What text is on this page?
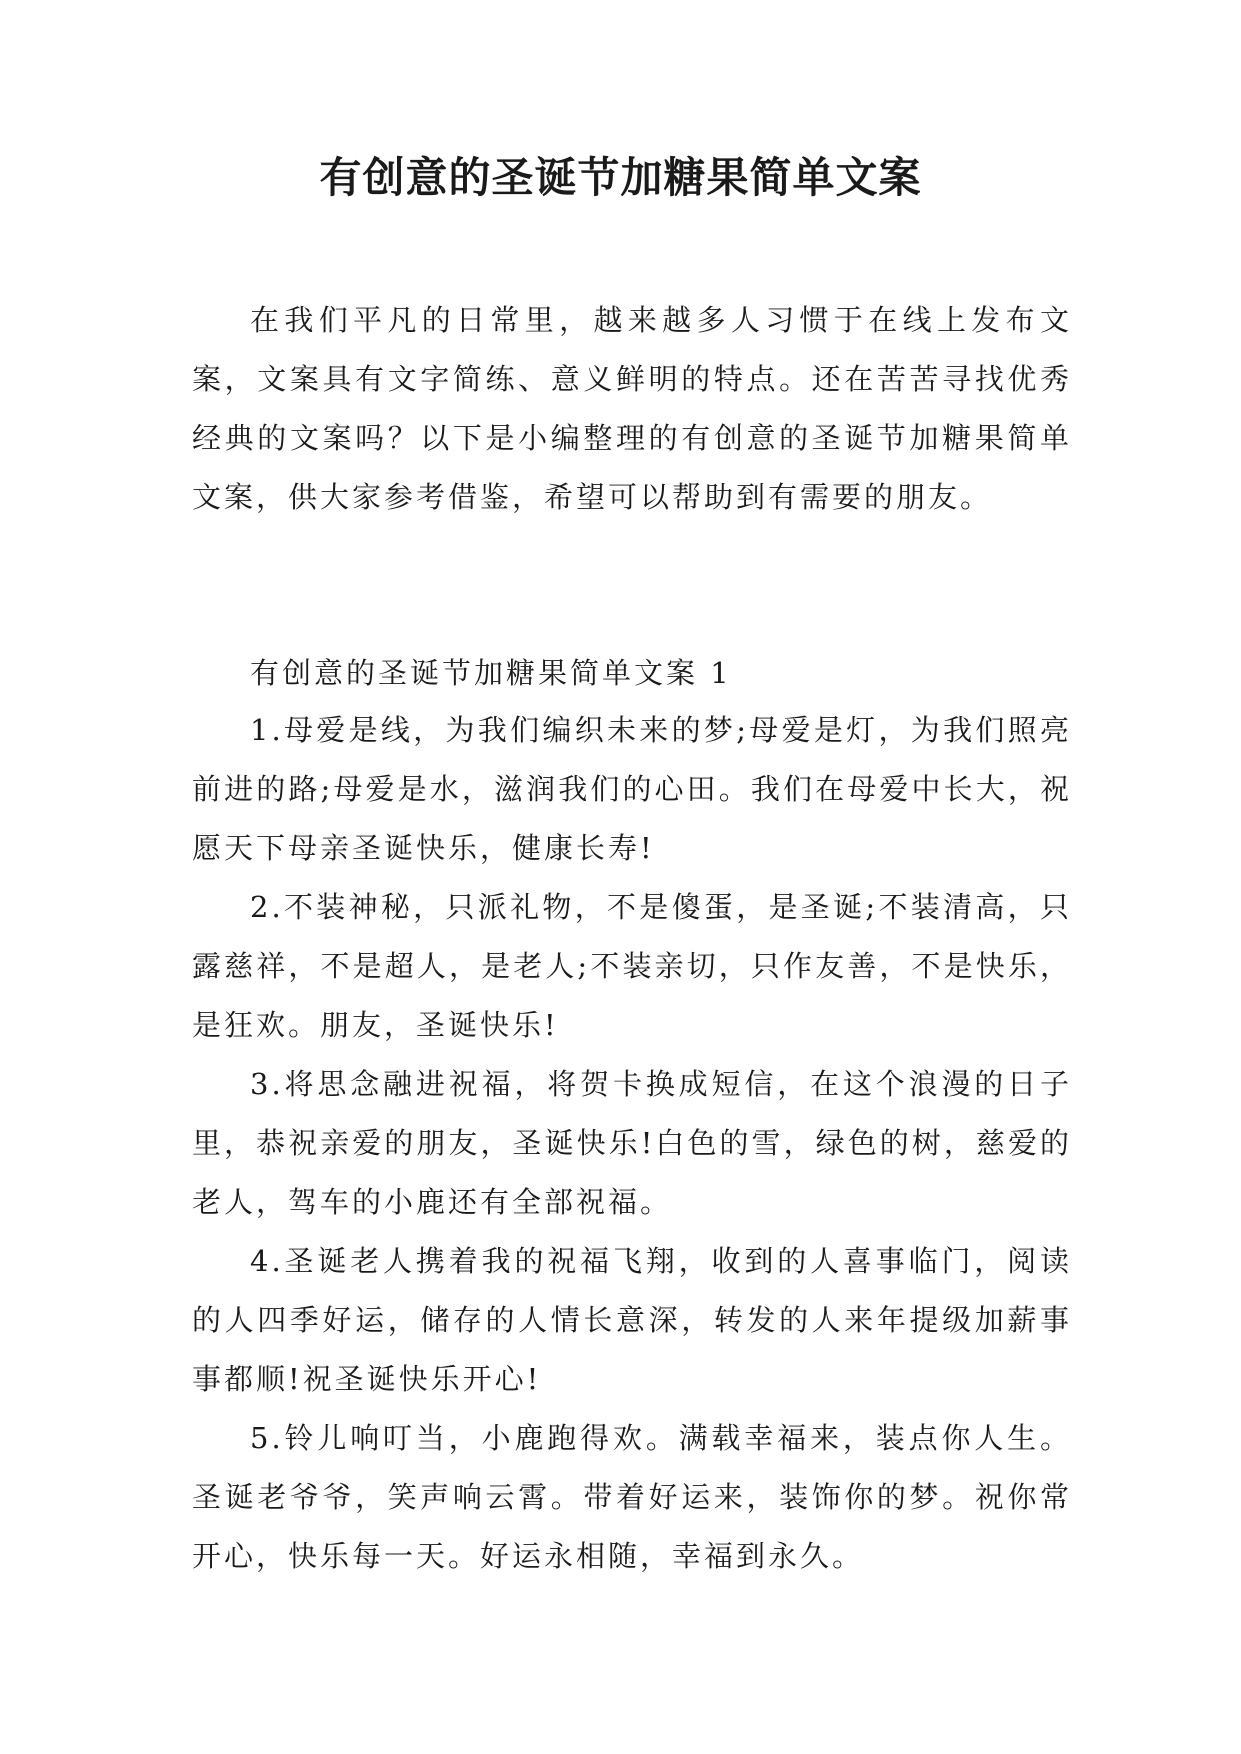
有创意的圣诞节加糖果简单文案

在我们平凡的日常里，越来越多人习惯于在线上发布文案，文案具有文字简练、意义鲜明的特点。还在苦苦寻找优秀经典的文案吗？以下是小编整理的有创意的圣诞节加糖果简单文案，供大家参考借鉴，希望可以帮助到有需要的朋友。

有创意的圣诞节加糖果简单文案 1

1.母爱是线，为我们编织未来的梦;母爱是灯，为我们照亮前进的路;母爱是水，滋润我们的心田。我们在母爱中长大，祝愿天下母亲圣诞快乐，健康长寿!

2.不装神秘，只派礼物，不是傻蛋，是圣诞;不装清高，只露慈祥，不是超人，是老人;不装亲切，只作友善，不是快乐，是狂欢。朋友，圣诞快乐!

3.将思念融进祝福，将贺卡换成短信，在这个浪漫的日子里，恭祝亲爱的朋友，圣诞快乐!白色的雪，绿色的树，慈爱的老人，驾车的小鹿还有全部祝福。

4.圣诞老人携着我的祝福飞翔，收到的人喜事临门，阅读的人四季好运，储存的人情长意深，转发的人来年提级加薪事事都顺!祝圣诞快乐开心!

5.铃儿响叮当，小鹿跑得欢。满载幸福来，装点你人生。圣诞老爷爷，笑声响云霄。带着好运来，装饰你的梦。祝你常开心，快乐每一天。好运永相随，幸福到永久。
